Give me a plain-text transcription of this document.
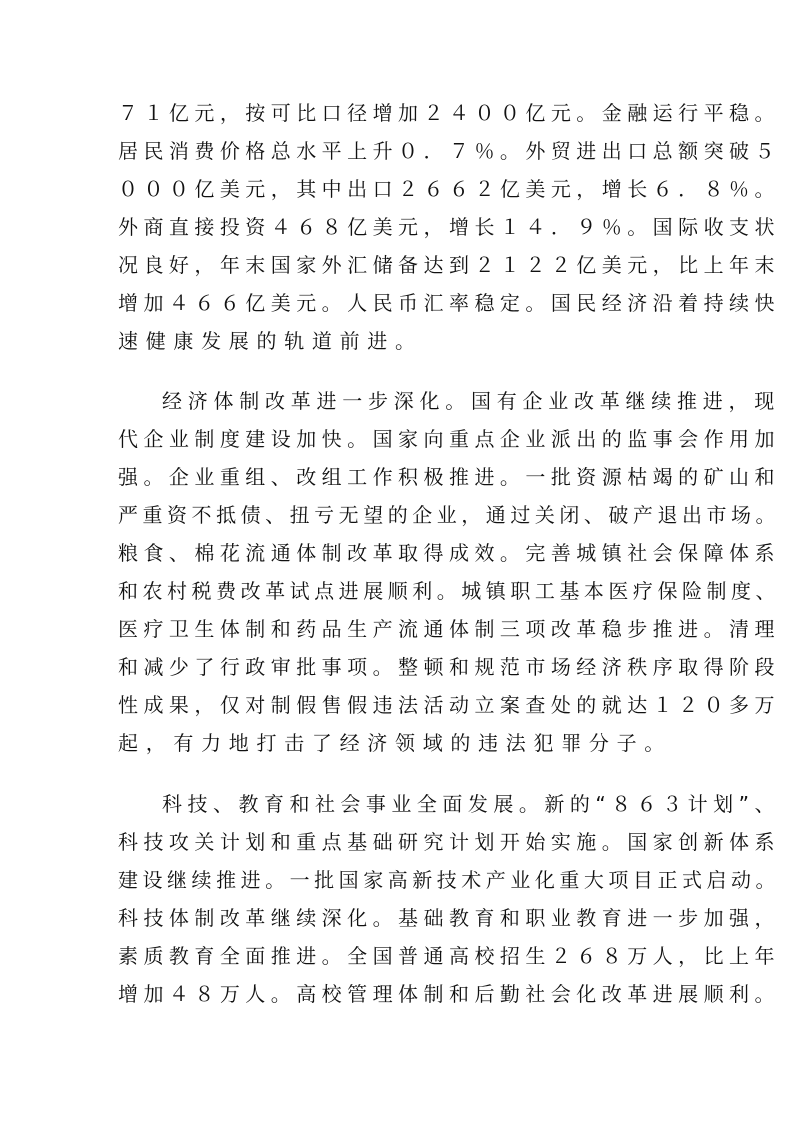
７１亿元，按可比口径增加２４００亿元。金融运行平稳。
居民消费价格总水平上升０．７％。外贸进出口总额突破５
０００亿美元，其中出口２６６２亿美元，增长６．８％。
外商直接投资４６８亿美元，增长１４．９％。国际收支状
况良好，年末国家外汇储备达到２１２２亿美元，比上年末
增加４６６亿美元。人民币汇率稳定。国民经济沿着持续快
速健康发展的轨道前进。
经济体制改革进一步深化。国有企业改革继续推进，现
代企业制度建设加快。国家向重点企业派出的监事会作用加
强。企业重组、改组工作积极推进。一批资源枯竭的矿山和
严重资不抵债、扭亏无望的企业，通过关闭、破产退出市场。
粮食、棉花流通体制改革取得成效。完善城镇社会保障体系
和农村税费改革试点进展顺利。城镇职工基本医疗保险制度、
医疗卫生体制和药品生产流通体制三项改革稳步推进。清理
和减少了行政审批事项。整顿和规范市场经济秩序取得阶段
性成果，仅对制假售假违法活动立案查处的就达１２０多万
起，有力地打击了经济领域的违法犯罪分子。
科技、教育和社会事业全面发展。新的“８６３计划”、
科技攻关计划和重点基础研究计划开始实施。国家创新体系
建设继续推进。一批国家高新技术产业化重大项目正式启动。
科技体制改革继续深化。基础教育和职业教育进一步加强，
素质教育全面推进。全国普通高校招生２６８万人，比上年
增加４８万人。高校管理体制和后勤社会化改革进展顺利。
